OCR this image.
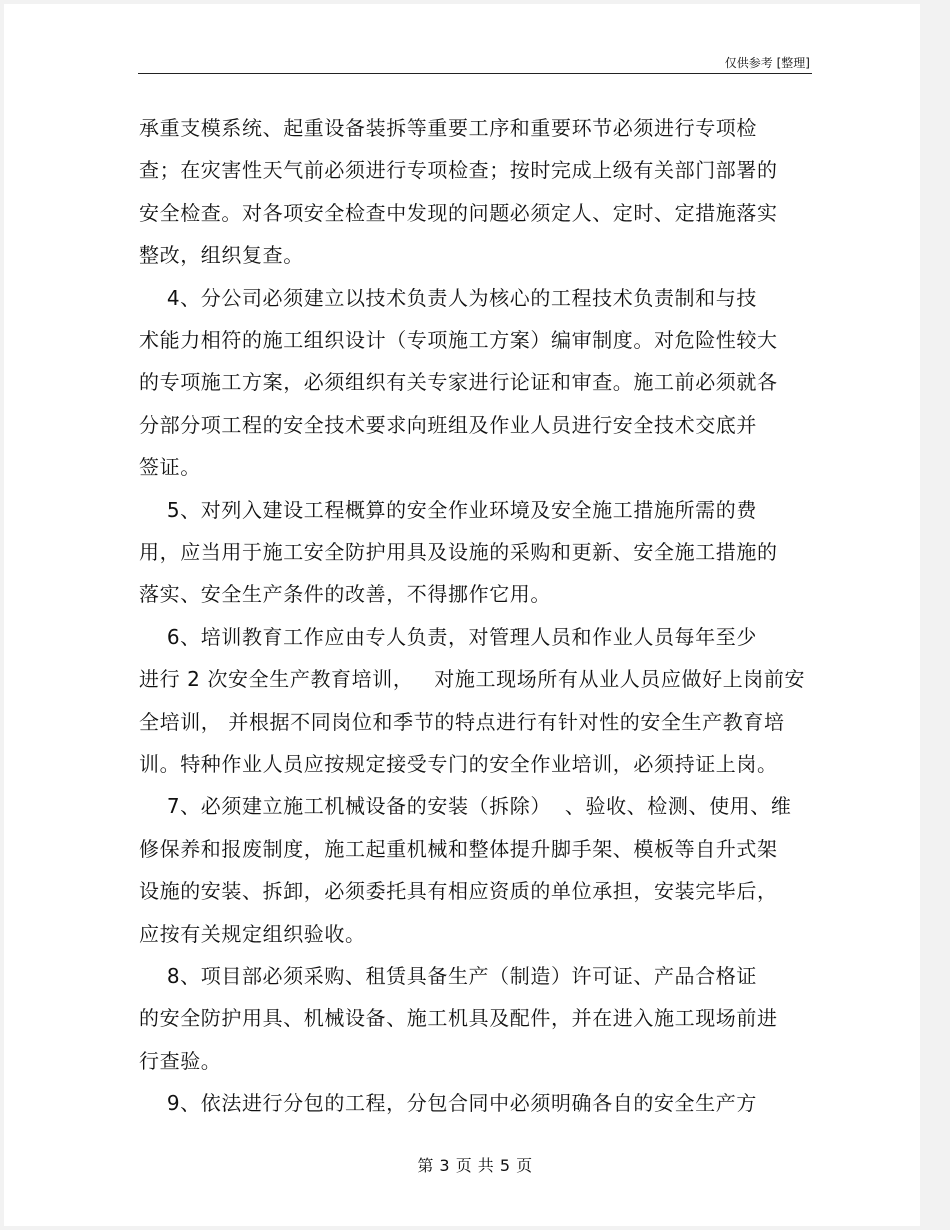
仅供参考 [整理]
承重支模系统、起重设备装拆等重要工序和重要环节必须进行专项检
查；在灾害性天气前必须进行专项检查；按时完成上级有关部门部署的
安全检查。对各项安全检查中发现的问题必须定人、定时、定措施落实
整改，组织复查。
4、分公司必须建立以技术负责人为核心的工程技术负责制和与技
术能力相符的施工组织设计（专项施工方案）编审制度。对危险性较大
的专项施工方案，必须组织有关专家进行论证和审查。施工前必须就各
分部分项工程的安全技术要求向班组及作业人员进行安全技术交底并
签证。
5、对列入建设工程概算的安全作业环境及安全施工措施所需的费
用，应当用于施工安全防护用具及设施的采购和更新、安全施工措施的
落实、安全生产条件的改善，不得挪作它用。
6、培训教育工作应由专人负责，对管理人员和作业人员每年至少
进行 2 次安全生产教育培训，   对施工现场所有从业人员应做好上岗前安
全培训， 并根据不同岗位和季节的特点进行有针对性的安全生产教育培
训。特种作业人员应按规定接受专门的安全作业培训，必须持证上岗。
7、必须建立施工机械设备的安装（拆除）  、验收、检测、使用、维
修保养和报废制度，施工起重机械和整体提升脚手架、模板等自升式架
设施的安装、拆卸，必须委托具有相应资质的单位承担，安装完毕后，
应按有关规定组织验收。
8、项目部必须采购、租赁具备生产（制造）许可证、产品合格证
的安全防护用具、机械设备、施工机具及配件，并在进入施工现场前进
行查验。
9、依法进行分包的工程，分包合同中必须明确各自的安全生产方
第 3 页 共 5 页
